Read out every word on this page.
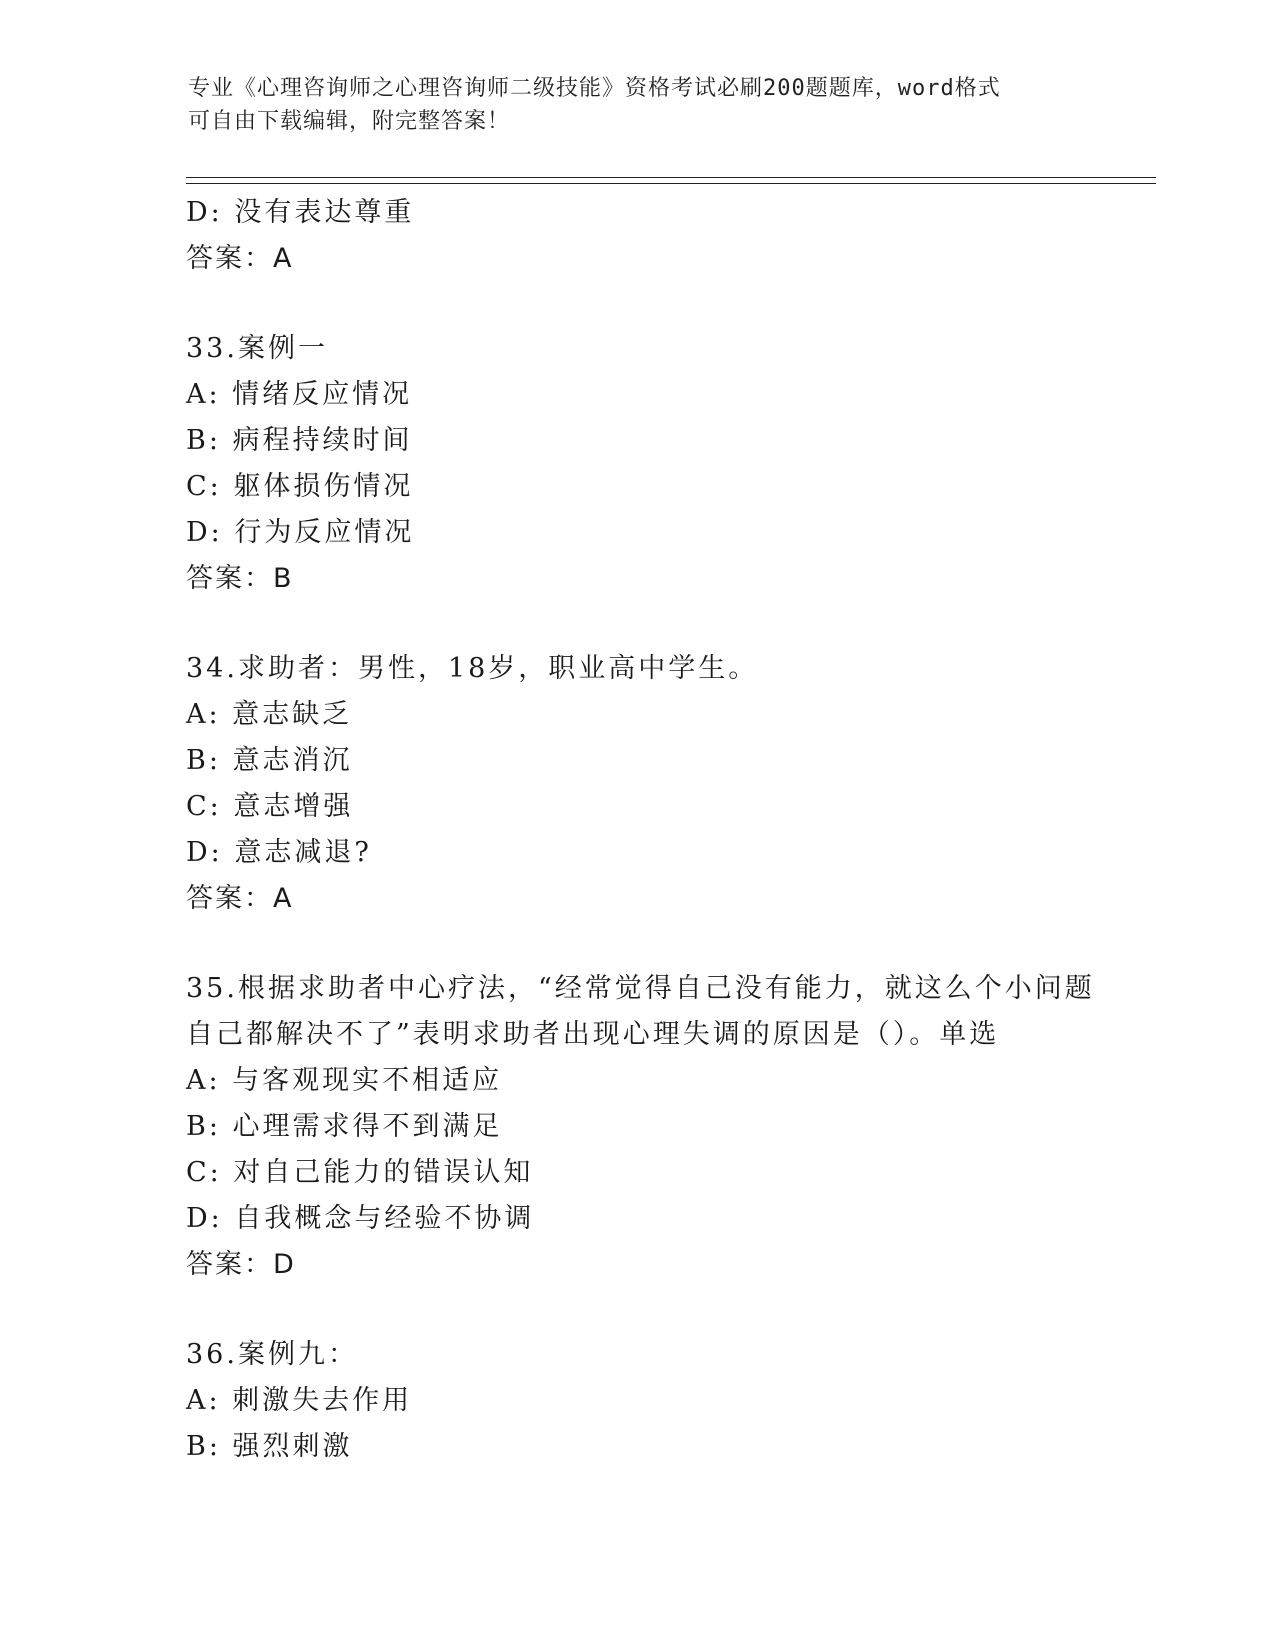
专业《心理咨询师之心理咨询师二级技能》资格考试必刷200题题库，word格式
可自由下载编辑，附完整答案！
D: 没有表达尊重
答案：A
33.案例一
A: 情绪反应情况
B: 病程持续时间
C: 躯体损伤情况
D: 行为反应情况
答案：B
34.求助者：男性，18岁，职业高中学生。
A: 意志缺乏
B: 意志消沉
C: 意志增强
D: 意志减退?
答案：A
35.根据求助者中心疗法，“经常觉得自己没有能力，就这么个小问题
自己都解决不了”表明求助者出现心理失调的原因是（）。单选
A: 与客观现实不相适应
B: 心理需求得不到满足
C: 对自己能力的错误认知
D: 自我概念与经验不协调
答案：D
36.案例九：
A: 刺激失去作用
B: 强烈刺激
